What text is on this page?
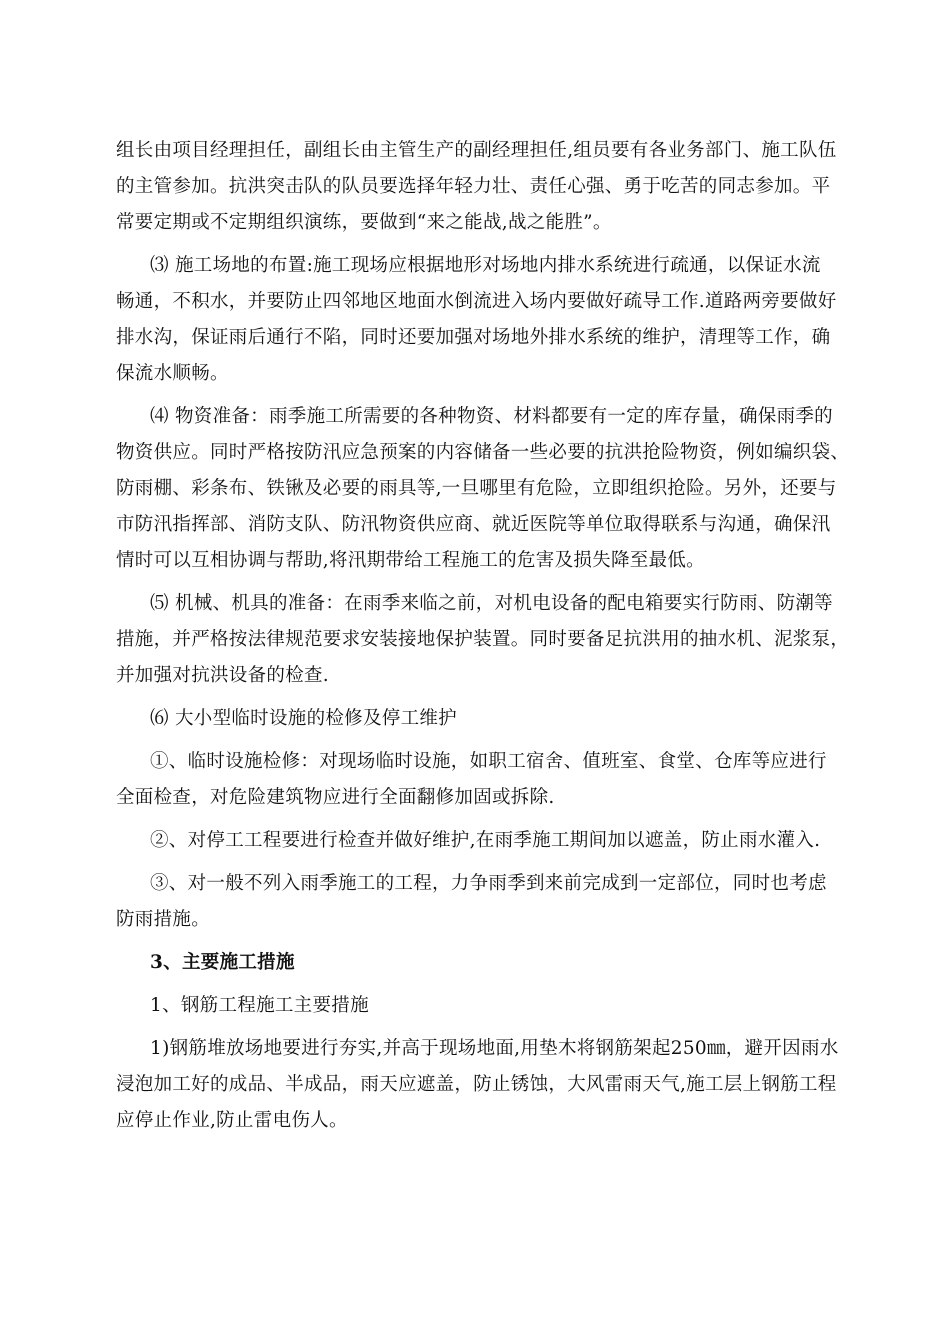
组长由项目经理担任，副组长由主管生产的副经理担任,组员要有各业务部门、施工队伍
的主管参加。抗洪突击队的队员要选择年轻力壮、责任心强、勇于吃苦的同志参加。平
常要定期或不定期组织演练，要做到“来之能战,战之能胜”。
⑶ 施工场地的布置:施工现场应根据地形对场地内排水系统进行疏通，以保证水流
畅通，不积水，并要防止四邻地区地面水倒流进入场内要做好疏导工作.道路两旁要做好
排水沟，保证雨后通行不陷，同时还要加强对场地外排水系统的维护，清理等工作，确
保流水顺畅。
⑷ 物资准备：雨季施工所需要的各种物资、材料都要有一定的库存量，确保雨季的
物资供应。同时严格按防汛应急预案的内容储备一些必要的抗洪抢险物资，例如编织袋、
防雨棚、彩条布、铁锹及必要的雨具等,一旦哪里有危险，立即组织抢险。另外，还要与
市防汛指挥部、消防支队、防汛物资供应商、就近医院等单位取得联系与沟通，确保汛
情时可以互相协调与帮助,将汛期带给工程施工的危害及损失降至最低。
⑸ 机械、机具的准备：在雨季来临之前，对机电设备的配电箱要实行防雨、防潮等
措施，并严格按法律规范要求安装接地保护装置。同时要备足抗洪用的抽水机、泥浆泵，
并加强对抗洪设备的检查.
⑹ 大小型临时设施的检修及停工维护
①、临时设施检修：对现场临时设施，如职工宿舍、值班室、食堂、仓库等应进行
全面检查，对危险建筑物应进行全面翻修加固或拆除.
②、对停工工程要进行检查并做好维护,在雨季施工期间加以遮盖，防止雨水灌入.
③、对一般不列入雨季施工的工程，力争雨季到来前完成到一定部位，同时也考虑
防雨措施。
3、主要施工措施
1、钢筋工程施工主要措施
1)钢筋堆放场地要进行夯实,并高于现场地面,用垫木将钢筋架起250㎜，避开因雨水
浸泡加工好的成品、半成品，雨天应遮盖，防止锈蚀，大风雷雨天气,施工层上钢筋工程
应停止作业,防止雷电伤人。
